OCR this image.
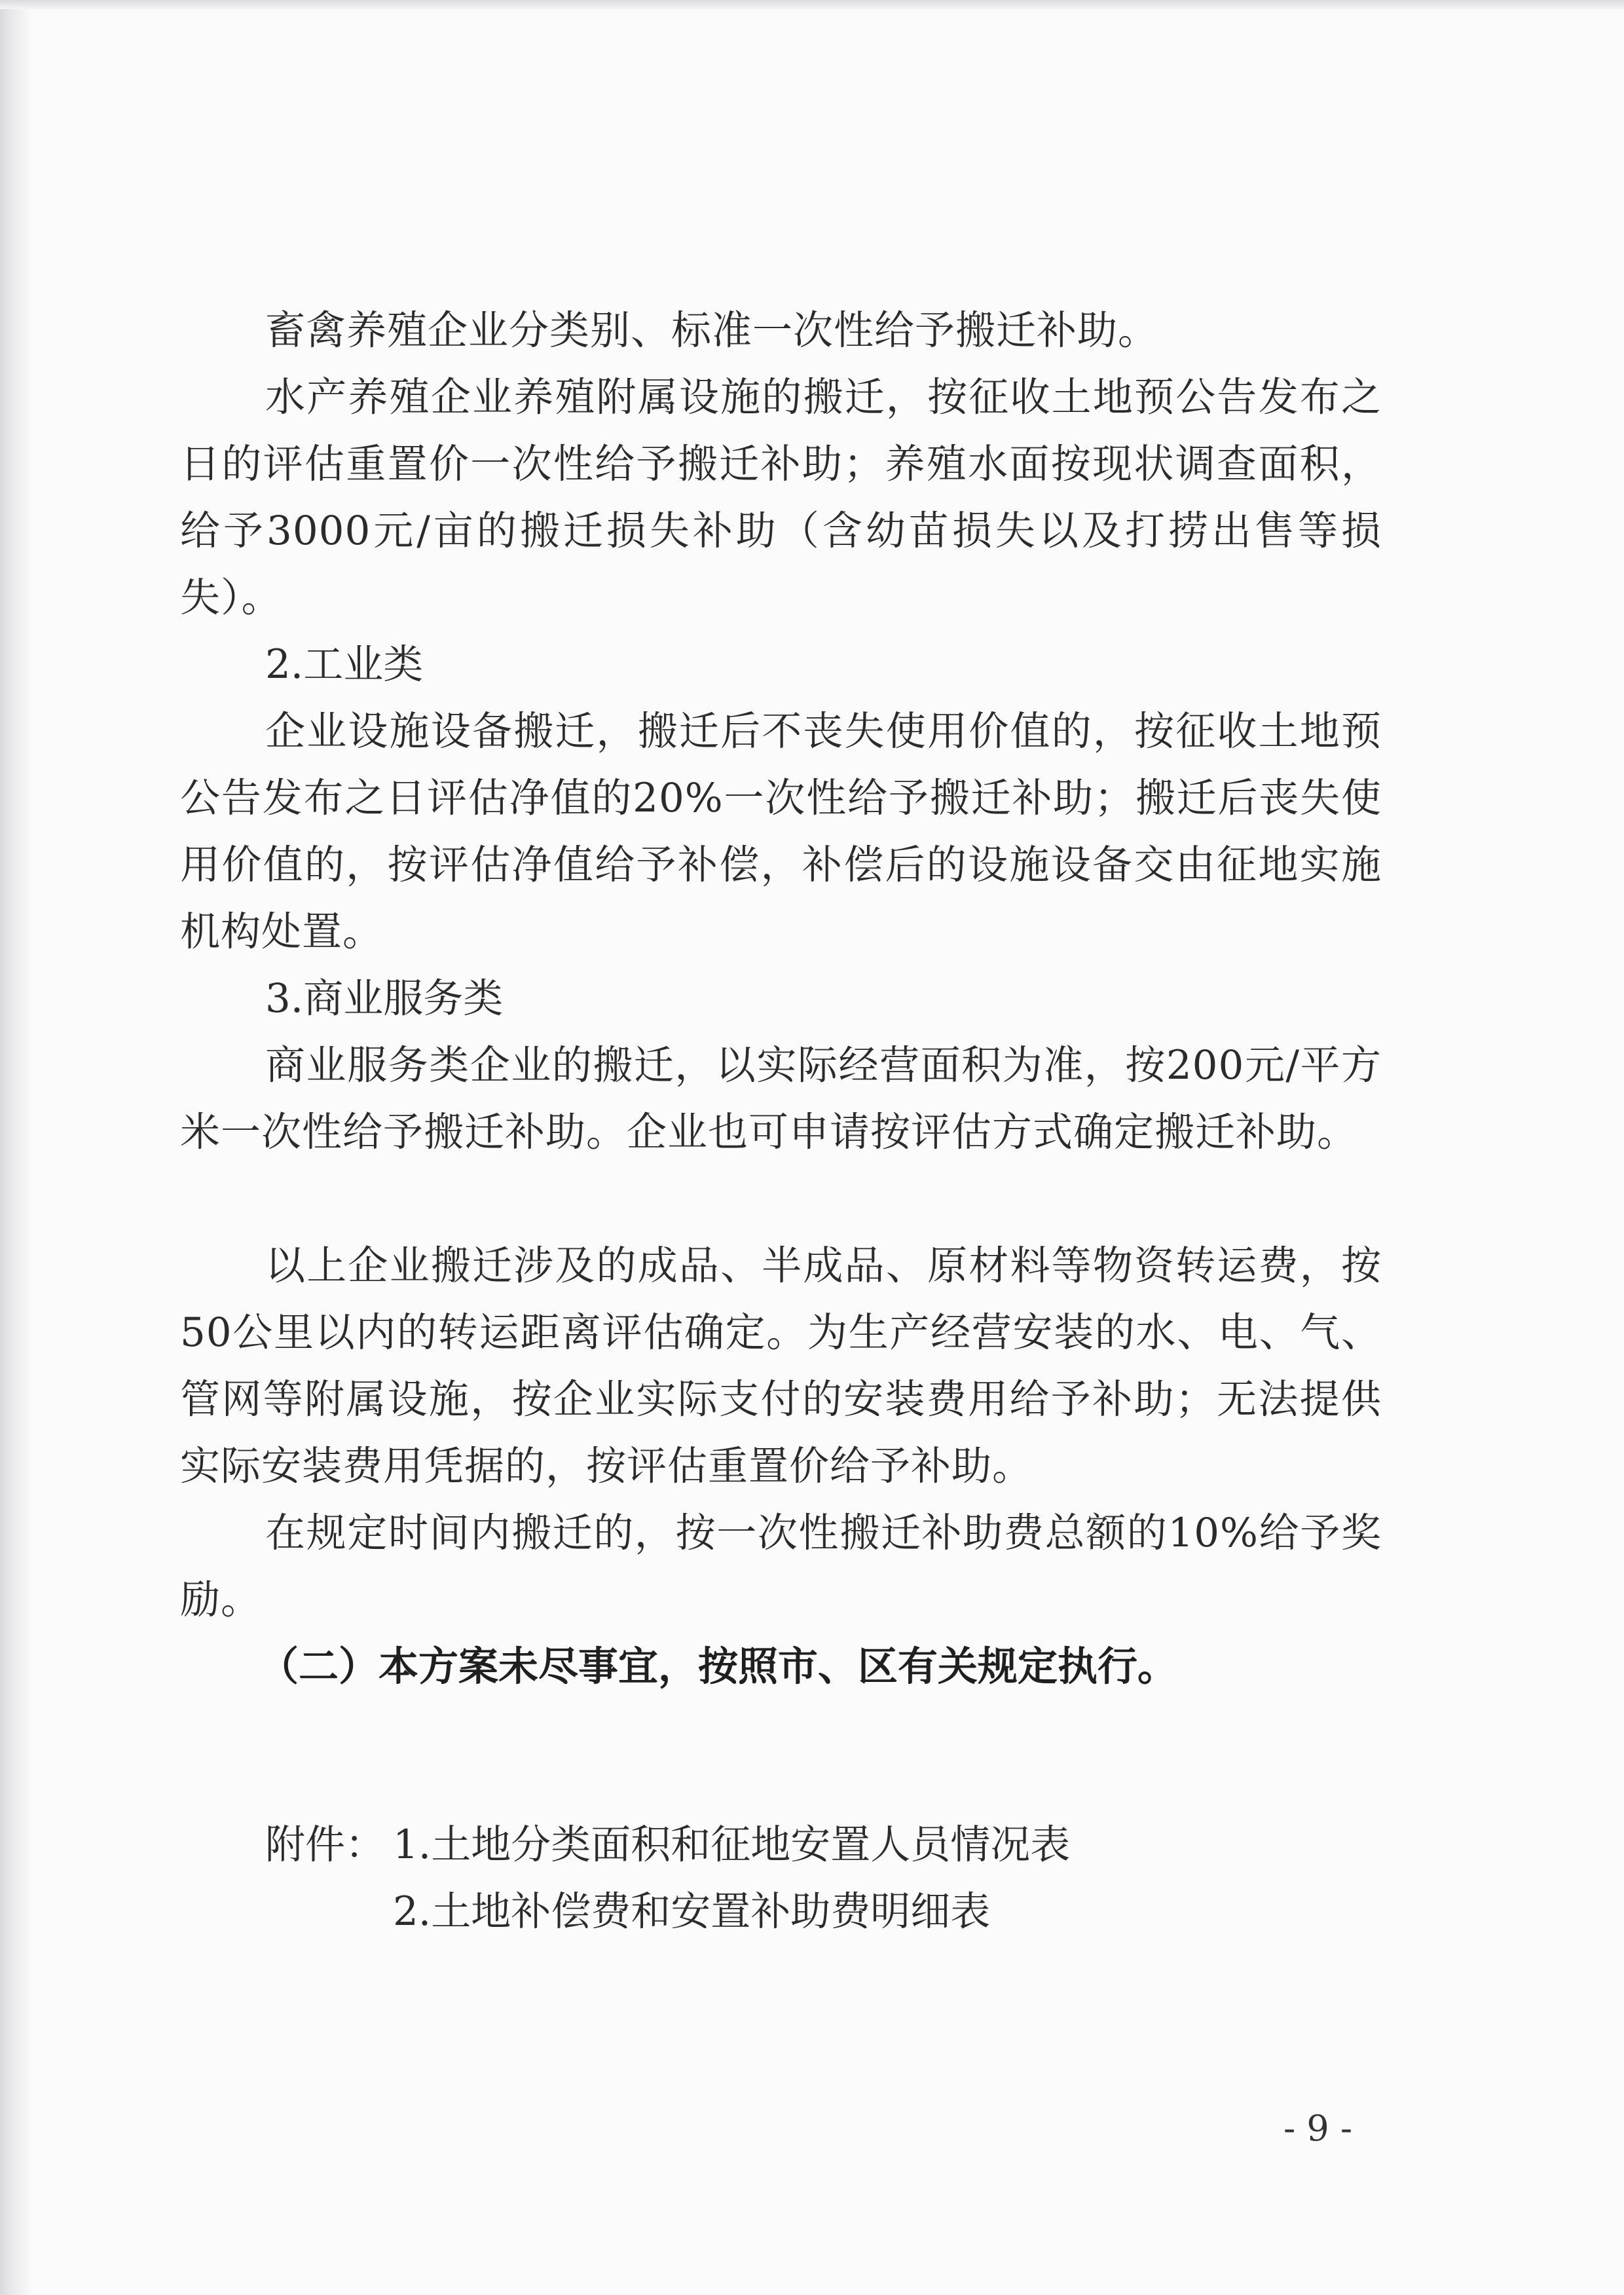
畜禽养殖企业分类别、标准一次性给予搬迁补助。

水产养殖企业养殖附属设施的搬迁，按征收土地预公告发布之日的评估重置价一次性给予搬迁补助；养殖水面按现状调查面积，给予3000元/亩的搬迁损失补助（含幼苗损失以及打捞出售等损失）。

2.工业类

企业设施设备搬迁，搬迁后不丧失使用价值的，按征收土地预公告发布之日评估净值的20%一次性给予搬迁补助；搬迁后丧失使用价值的，按评估净值给予补偿，补偿后的设施设备交由征地实施机构处置。

3.商业服务类

商业服务类企业的搬迁，以实际经营面积为准，按200元/平方米一次性给予搬迁补助。企业也可申请按评估方式确定搬迁补助。

以上企业搬迁涉及的成品、半成品、原材料等物资转运费，按50公里以内的转运距离评估确定。为生产经营安装的水、电、气、管网等附属设施，按企业实际支付的安装费用给予补助；无法提供实际安装费用凭据的，按评估重置价给予补助。

在规定时间内搬迁的，按一次性搬迁补助费总额的10%给予奖励。

（二）本方案未尽事宜，按照市、区有关规定执行。

附件： 1.土地分类面积和征地安置人员情况表

2.土地补偿费和安置补助费明细表

- 9 -
